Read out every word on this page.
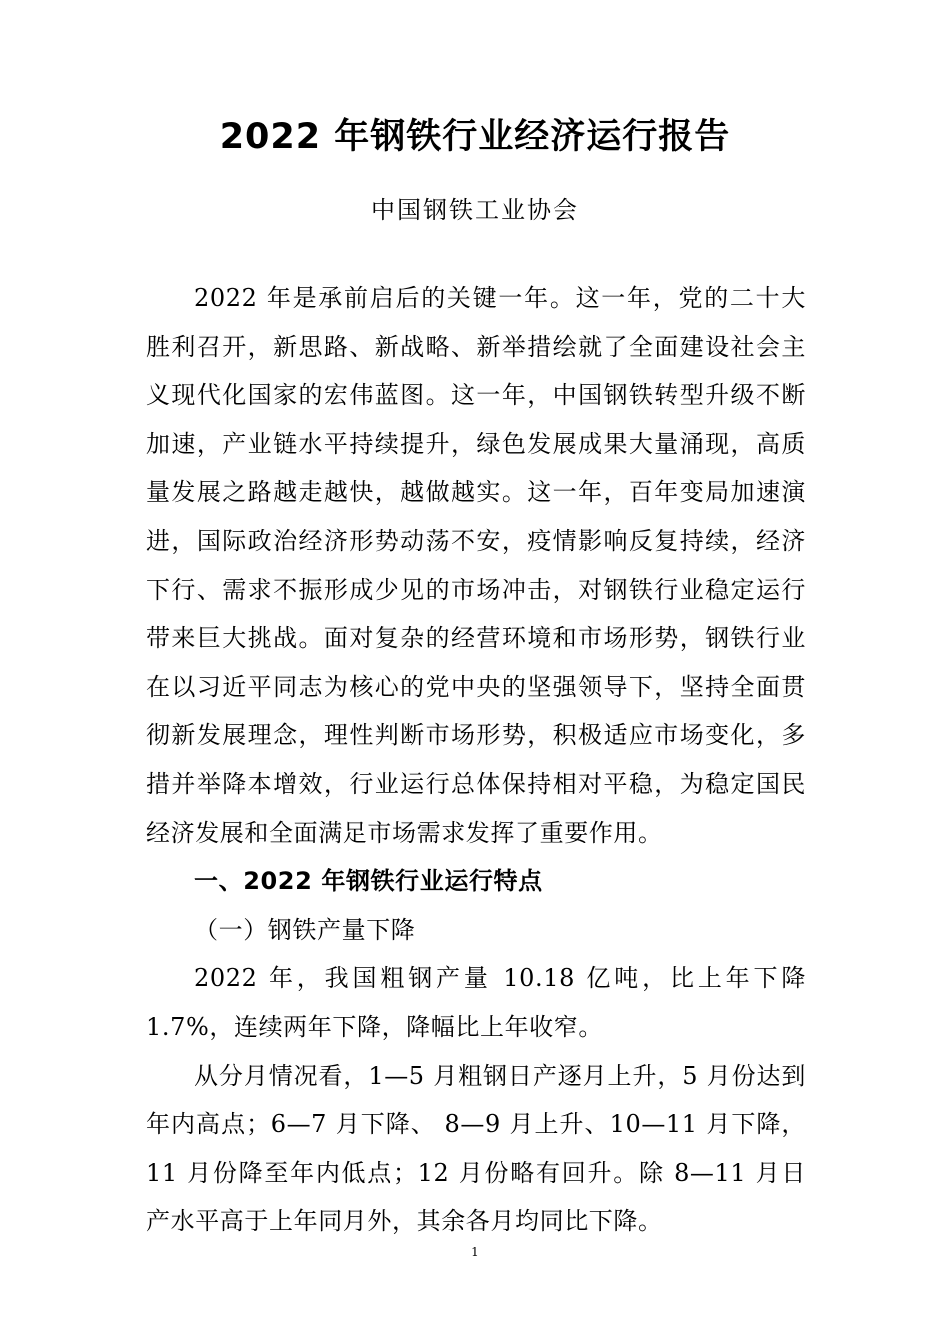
2022 年钢铁行业经济运行报告
中国钢铁工业协会

2022 年是承前启后的关键一年。这一年，党的二十大胜利召开，新思路、新战略、新举措绘就了全面建设社会主义现代化国家的宏伟蓝图。这一年，中国钢铁转型升级不断加速，产业链水平持续提升，绿色发展成果大量涌现，高质量发展之路越走越快，越做越实。这一年，百年变局加速演进，国际政治经济形势动荡不安，疫情影响反复持续，经济下行、需求不振形成少见的市场冲击，对钢铁行业稳定运行带来巨大挑战。面对复杂的经营环境和市场形势，钢铁行业在以习近平同志为核心的党中央的坚强领导下，坚持全面贯彻新发展理念，理性判断市场形势，积极适应市场变化，多措并举降本增效，行业运行总体保持相对平稳，为稳定国民经济发展和全面满足市场需求发挥了重要作用。

一、2022 年钢铁行业运行特点

（一）钢铁产量下降

2022 年，我国粗钢产量 10.18 亿吨，比上年下降 1.7%，连续两年下降，降幅比上年收窄。

从分月情况看，1—5 月粗钢日产逐月上升，5 月份达到年内高点；6—7 月下降、 8—9 月上升、10—11 月下降，11 月份降至年内低点；12 月份略有回升。除 8—11 月日产水平高于上年同月外，其余各月均同比下降。

1
